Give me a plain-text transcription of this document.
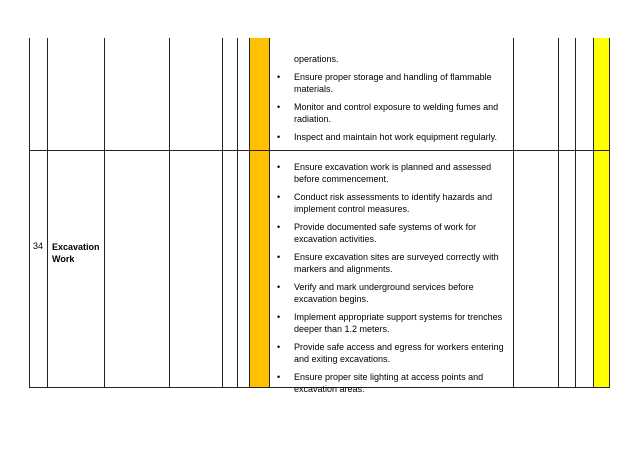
operations.
• Ensure proper storage and handling of flammable materials.
• Monitor and control exposure to welding fumes and radiation.
• Inspect and maintain hot work equipment regularly.
34 Excavation Work
• Ensure excavation work is planned and assessed before commencement.
• Conduct risk assessments to identify hazards and implement control measures.
• Provide documented safe systems of work for excavation activities.
• Ensure excavation sites are surveyed correctly with markers and alignments.
• Verify and mark underground services before excavation begins.
• Implement appropriate support systems for trenches deeper than 1.2 meters.
• Provide safe access and egress for workers entering and exiting excavations.
• Ensure proper site lighting at access points and excavation areas.
